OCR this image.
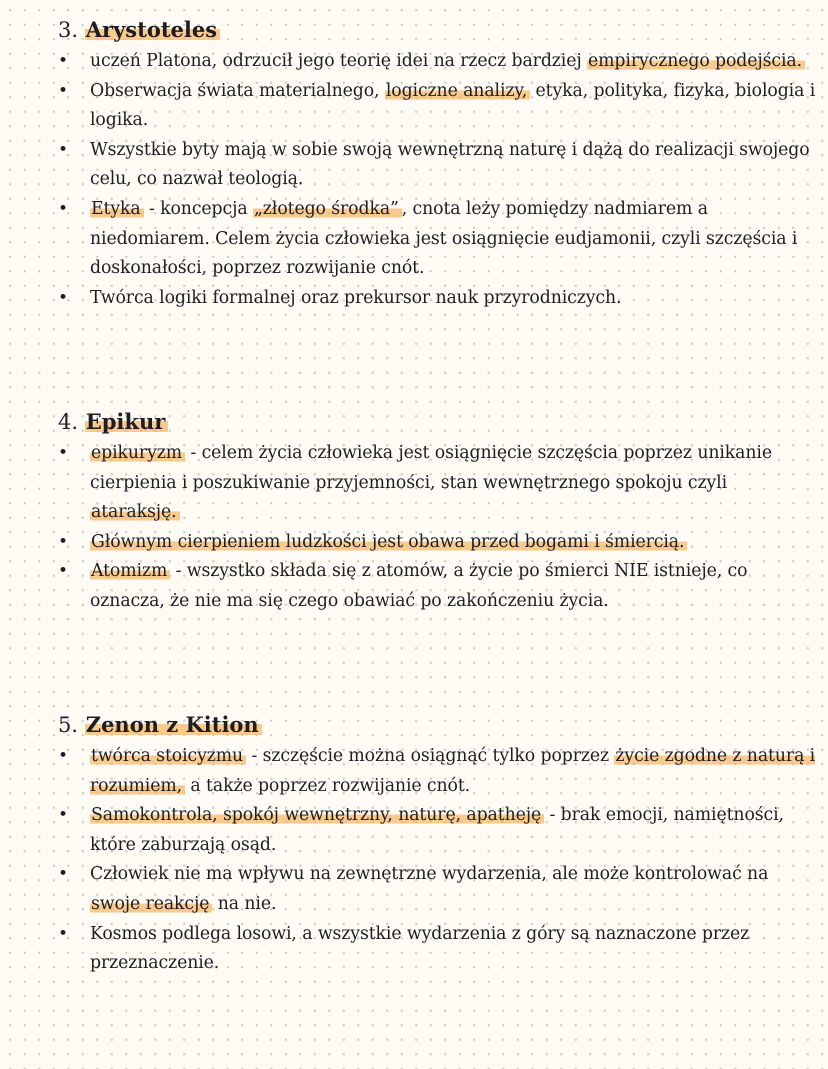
3. Arystoteles
• uczeń Platona, odrzucił jego teorię idei na rzecz bardziej empirycznego podejścia.
• Obserwacja świata materialnego, logiczne analizy, etyka, polityka, fizyka, biologia i logika.
• Wszystkie byty mają w sobie swoją wewnętrzną naturę i dążą do realizacji swojego celu, co nazwał teologią.
• Etyka - koncepcja „złotego środka” , cnota leży pomiędzy nadmiarem a niedomiarem. Celem życia człowieka jest osiągnięcie eudjamonii, czyli szczęścia i doskonałości, poprzez rozwijanie cnót.
• Twórca logiki formalnej oraz prekursor nauk przyrodniczych.
4. Epikur
• epikuryzm - celem życia człowieka jest osiągnięcie szczęścia poprzez unikanie cierpienia i poszukiwanie przyjemności, stan wewnętrznego spokoju czyli ataraksję.
• Głównym cierpieniem ludzkości jest obawa przed bogami i śmiercią.
• Atomizm - wszystko składa się z atomów, a życie po śmierci NIE istnieje, co oznacza, że nie ma się czego obawiać po zakończeniu życia.
5. Zenon z Kition
• twórca stoicyzmu - szczęście można osiągnąć tylko poprzez życie zgodne z naturą i rozumiem, a także poprzez rozwijanie cnót.
• Samokontrola, spokój wewnętrzny, naturę, apatheję - brak emocji, namiętności, które zaburzają osąd.
• Człowiek nie ma wpływu na zewnętrzne wydarzenia, ale może kontrolować na swoje reakcję na nie.
• Kosmos podlega losowi, a wszystkie wydarzenia z góry są naznaczone przez przeznaczenie.
